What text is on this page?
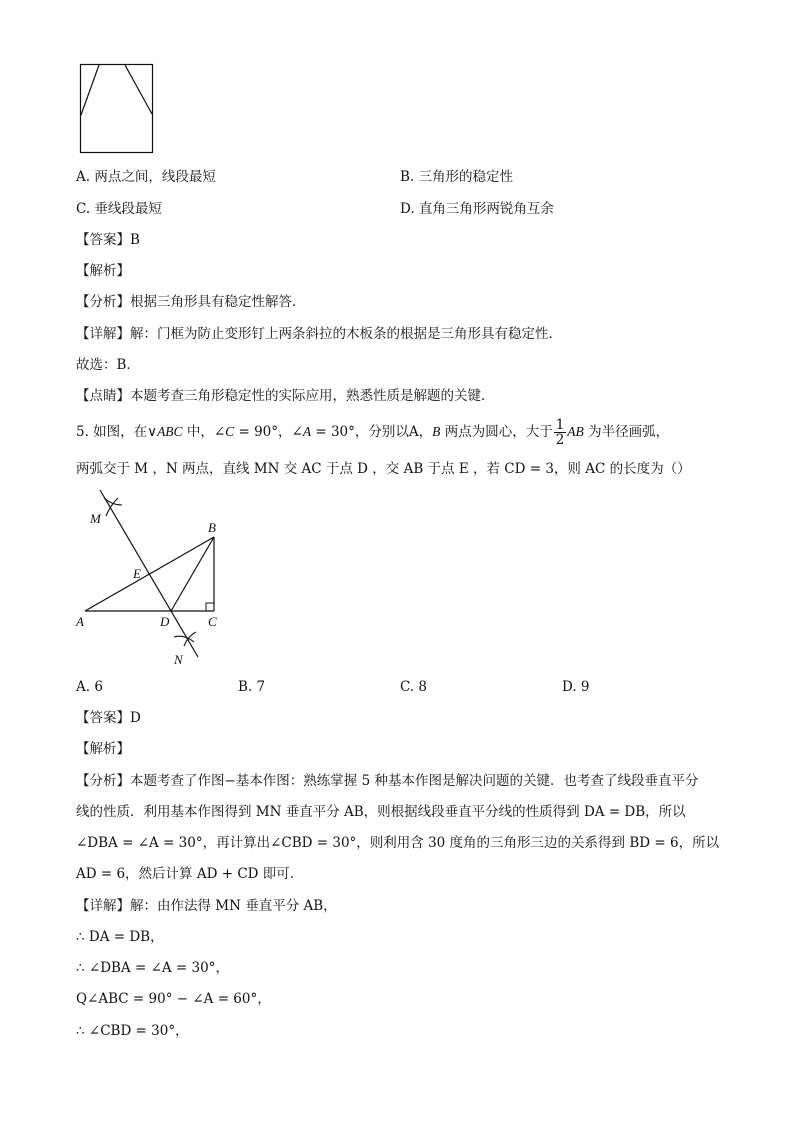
A. 两点之间，线段最短	B. 三角形的稳定性
C. 垂线段最短	D. 直角三角形两锐角互余
【答案】B
【解析】
【分析】根据三角形具有稳定性解答．
【详解】解：门框为防止变形钉上两条斜拉的木板条的根据是三角形具有稳定性．
故选：B．
【点睛】本题考查三角形稳定性的实际应用，熟悉性质是解题的关键．
5. 如图，在∨ABC 中，∠C = 90°，∠A = 30°，分别以A，B 两点为圆心，大于 $\frac{1}{2}$ AB 为半径画弧，
两弧交于 M ，N 两点，直线 MN 交 AC 于点 D ，交 AB 于点 E ，若 CD = 3，则 AC 的长度为（）
M
B
E
A	D	C
N
A. 6	B. 7	C. 8	D. 9
【答案】D
【解析】
【分析】本题考查了作图−基本作图：熟练掌握 5 种基本作图是解决问题的关键．也考查了线段垂直平分
线的性质．利用基本作图得到 MN 垂直平分 AB，则根据线段垂直平分线的性质得到 DA = DB，所以
∠DBA = ∠A = 30°，再计算出∠CBD = 30°，则利用含 30 度角的三角形三边的关系得到 BD = 6，所以
AD = 6，然后计算 AD + CD 即可．
【详解】解：由作法得 MN 垂直平分 AB，
∴ DA = DB，
∴ ∠DBA = ∠A = 30°，
Q∠ABC = 90° − ∠A = 60°，
∴ ∠CBD = 30°，
